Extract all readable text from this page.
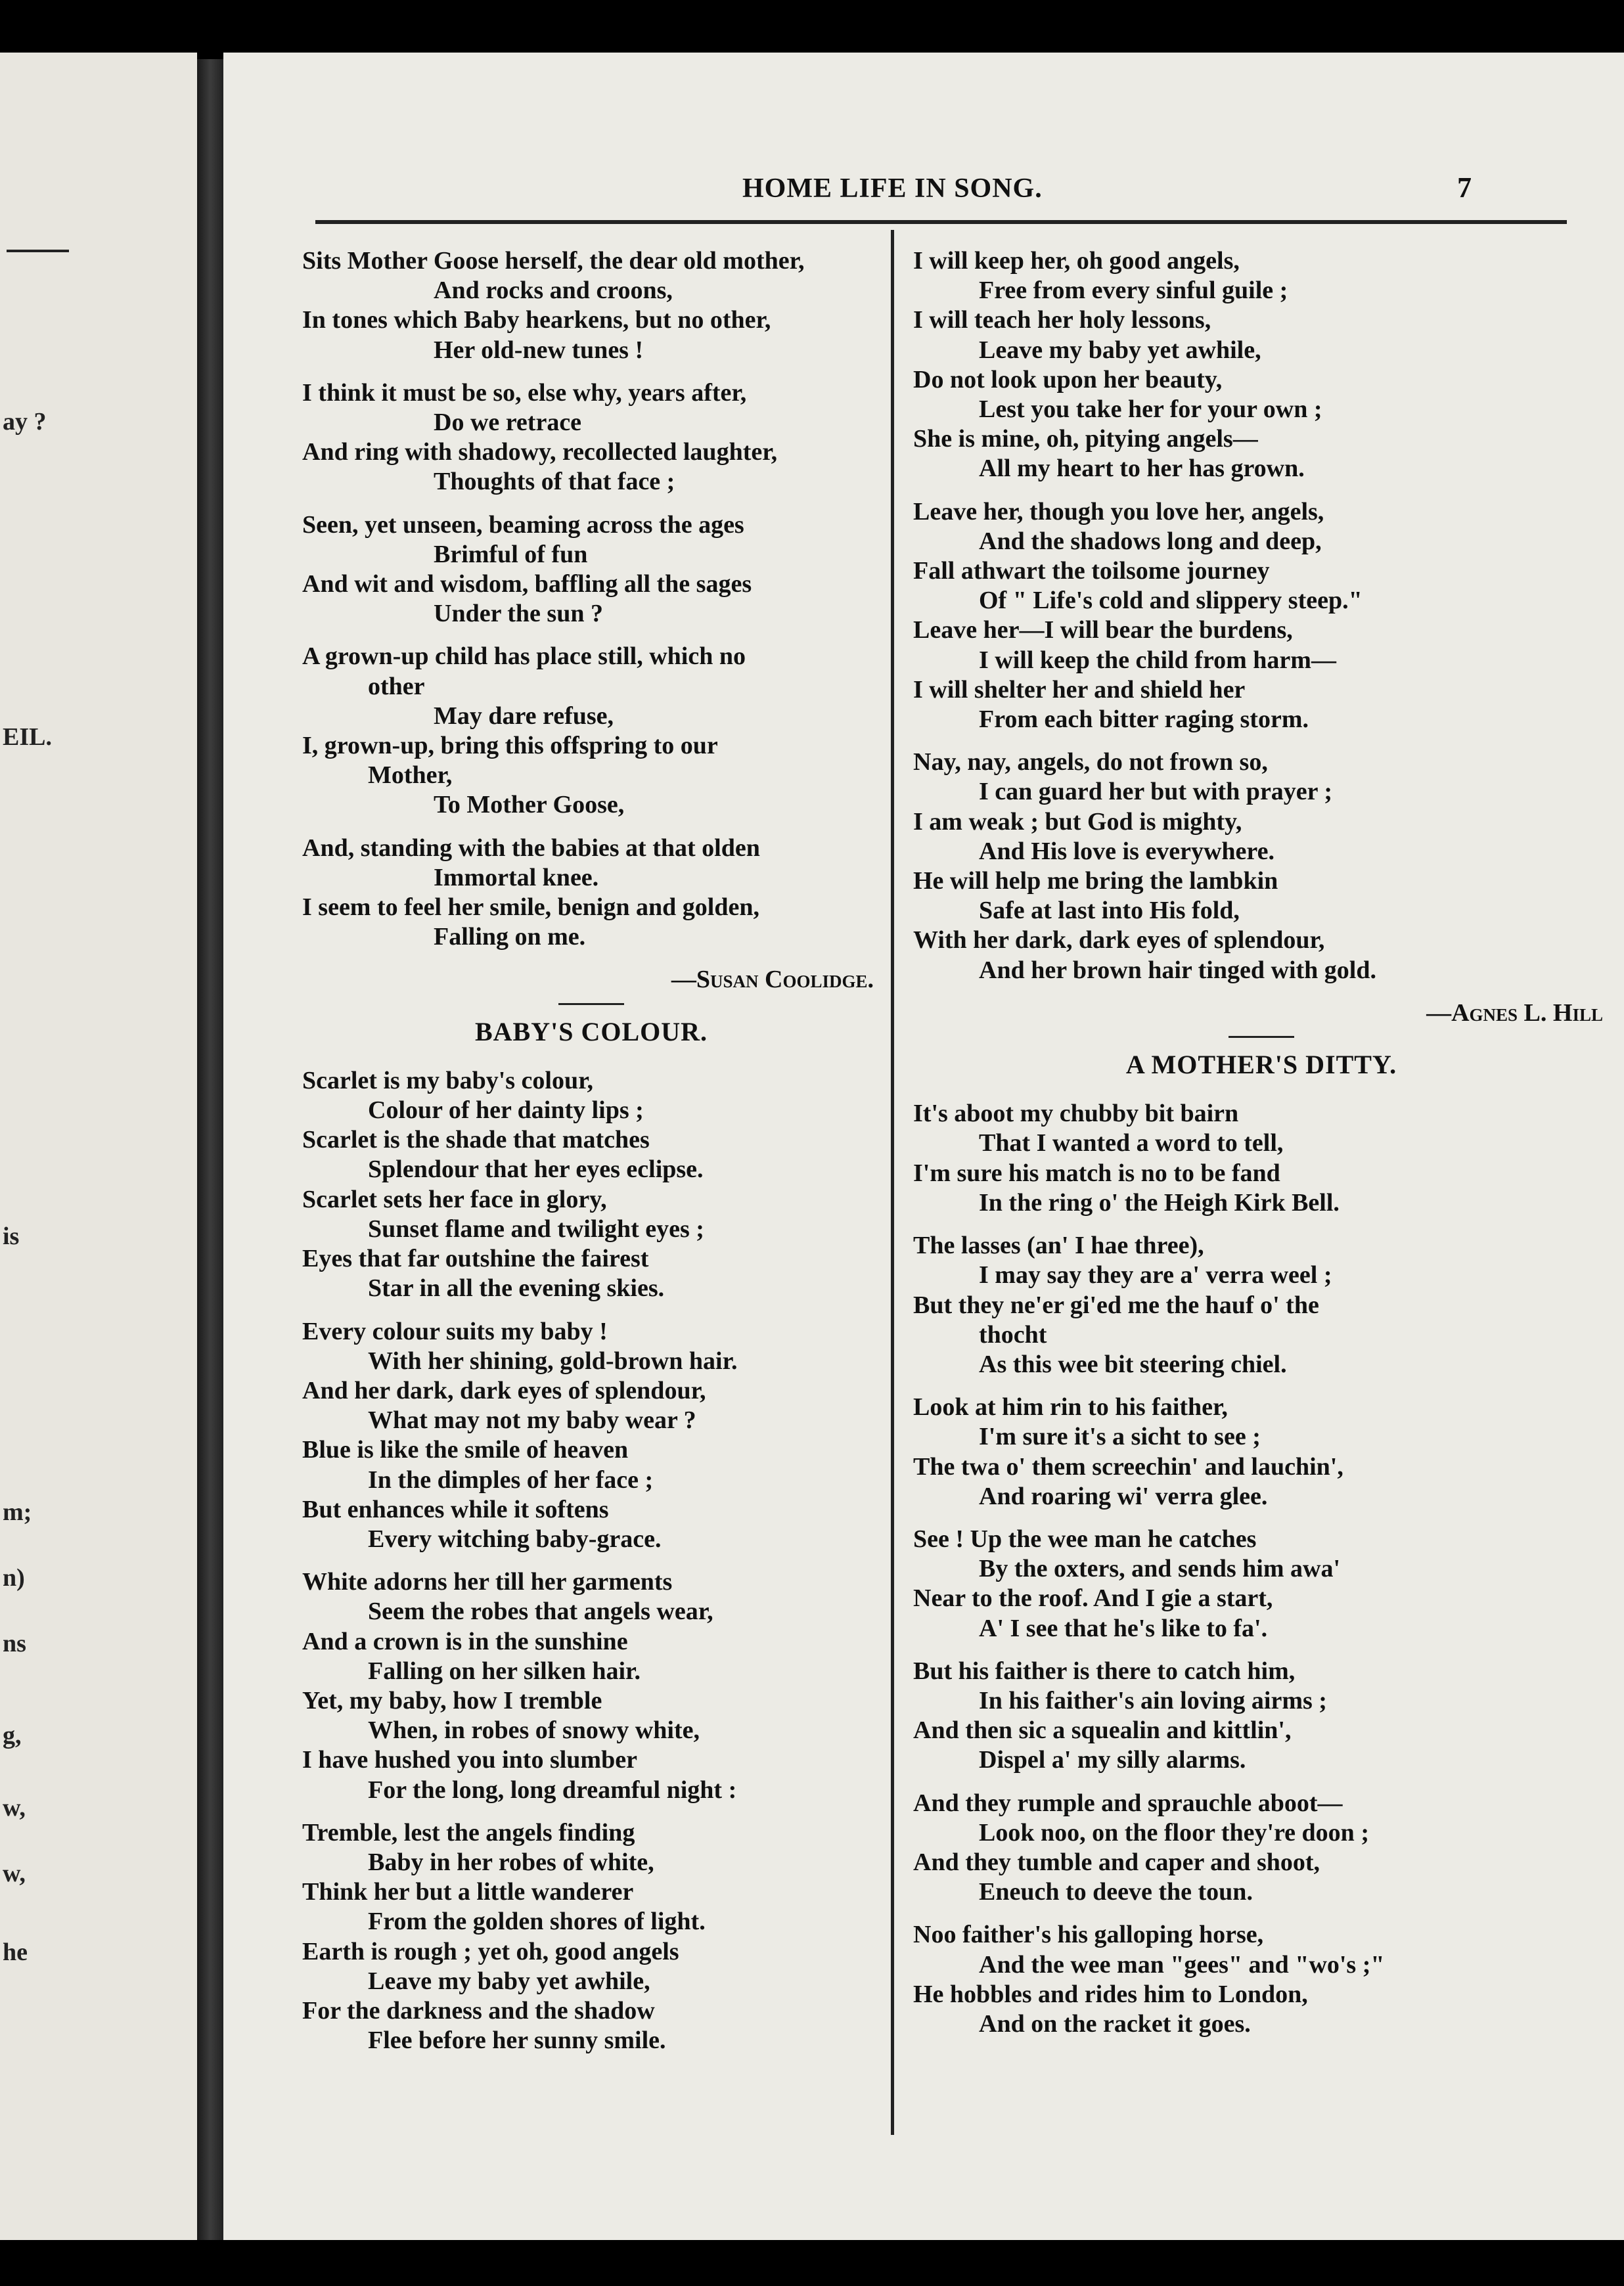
ay ?
EIL.
is
m;
n)
ns
g,
w,
w,
he
HOME LIFE IN SONG.	7
Sits Mother Goose herself, the dear old mother,
And rocks and croons,
In tones which Baby hearkens, but no other,
Her old-new tunes !
I think it must be so, else why, years after,
Do we retrace
And ring with shadowy, recollected laughter,
Thoughts of that face ;
Seen, yet unseen, beaming across the ages
Brimful of fun
And wit and wisdom, baffling all the sages
Under the sun ?
A grown-up child has place still, which no
other
May dare refuse,
I, grown-up, bring this offspring to our
Mother,
To Mother Goose,
And, standing with the babies at that olden
Immortal knee.
I seem to feel her smile, benign and golden,
Falling on me.
—Susan Coolidge.
BABY'S COLOUR.
Scarlet is my baby's colour,
Colour of her dainty lips ;
Scarlet is the shade that matches
Splendour that her eyes eclipse.
Scarlet sets her face in glory,
Sunset flame and twilight eyes ;
Eyes that far outshine the fairest
Star in all the evening skies.
Every colour suits my baby !
With her shining, gold-brown hair.
And her dark, dark eyes of splendour,
What may not my baby wear ?
Blue is like the smile of heaven
In the dimples of her face ;
But enhances while it softens
Every witching baby-grace.
White adorns her till her garments
Seem the robes that angels wear,
And a crown is in the sunshine
Falling on her silken hair.
Yet, my baby, how I tremble
When, in robes of snowy white,
I have hushed you into slumber
For the long, long dreamful night :
Tremble, lest the angels finding
Baby in her robes of white,
Think her but a little wanderer
From the golden shores of light.
Earth is rough ; yet oh, good angels
Leave my baby yet awhile,
For the darkness and the shadow
Flee before her sunny smile.
I will keep her, oh good angels,
Free from every sinful guile ;
I will teach her holy lessons,
Leave my baby yet awhile,
Do not look upon her beauty,
Lest you take her for your own ;
She is mine, oh, pitying angels—
All my heart to her has grown.
Leave her, though you love her, angels,
And the shadows long and deep,
Fall athwart the toilsome journey
Of " Life's cold and slippery steep."
Leave her—I will bear the burdens,
I will keep the child from harm—
I will shelter her and shield her
From each bitter raging storm.
Nay, nay, angels, do not frown so,
I can guard her but with prayer ;
I am weak ; but God is mighty,
And His love is everywhere.
He will help me bring the lambkin
Safe at last into His fold,
With her dark, dark eyes of splendour,
And her brown hair tinged with gold.
—Agnes L. Hill
A MOTHER'S DITTY.
It's aboot my chubby bit bairn
That I wanted a word to tell,
I'm sure his match is no to be fand
In the ring o' the Heigh Kirk Bell.
The lasses (an' I hae three),
I may say they are a' verra weel ;
But they ne'er gi'ed me the hauf o' the
thocht
As this wee bit steering chiel.
Look at him rin to his faither,
I'm sure it's a sicht to see ;
The twa o' them screechin' and lauchin',
And roaring wi' verra glee.
See ! Up the wee man he catches
By the oxters, and sends him awa'
Near to the roof. And I gie a start,
A' I see that he's like to fa'.
But his faither is there to catch him,
In his faither's ain loving airms ;
And then sic a squealin and kittlin',
Dispel a' my silly alarms.
And they rumple and sprauchle aboot—
Look noo, on the floor they're doon ;
And they tumble and caper and shoot,
Eneuch to deeve the toun.
Noo faither's his galloping horse,
And the wee man "gees" and "wo's ;"
He hobbles and rides him to London,
And on the racket it goes.
